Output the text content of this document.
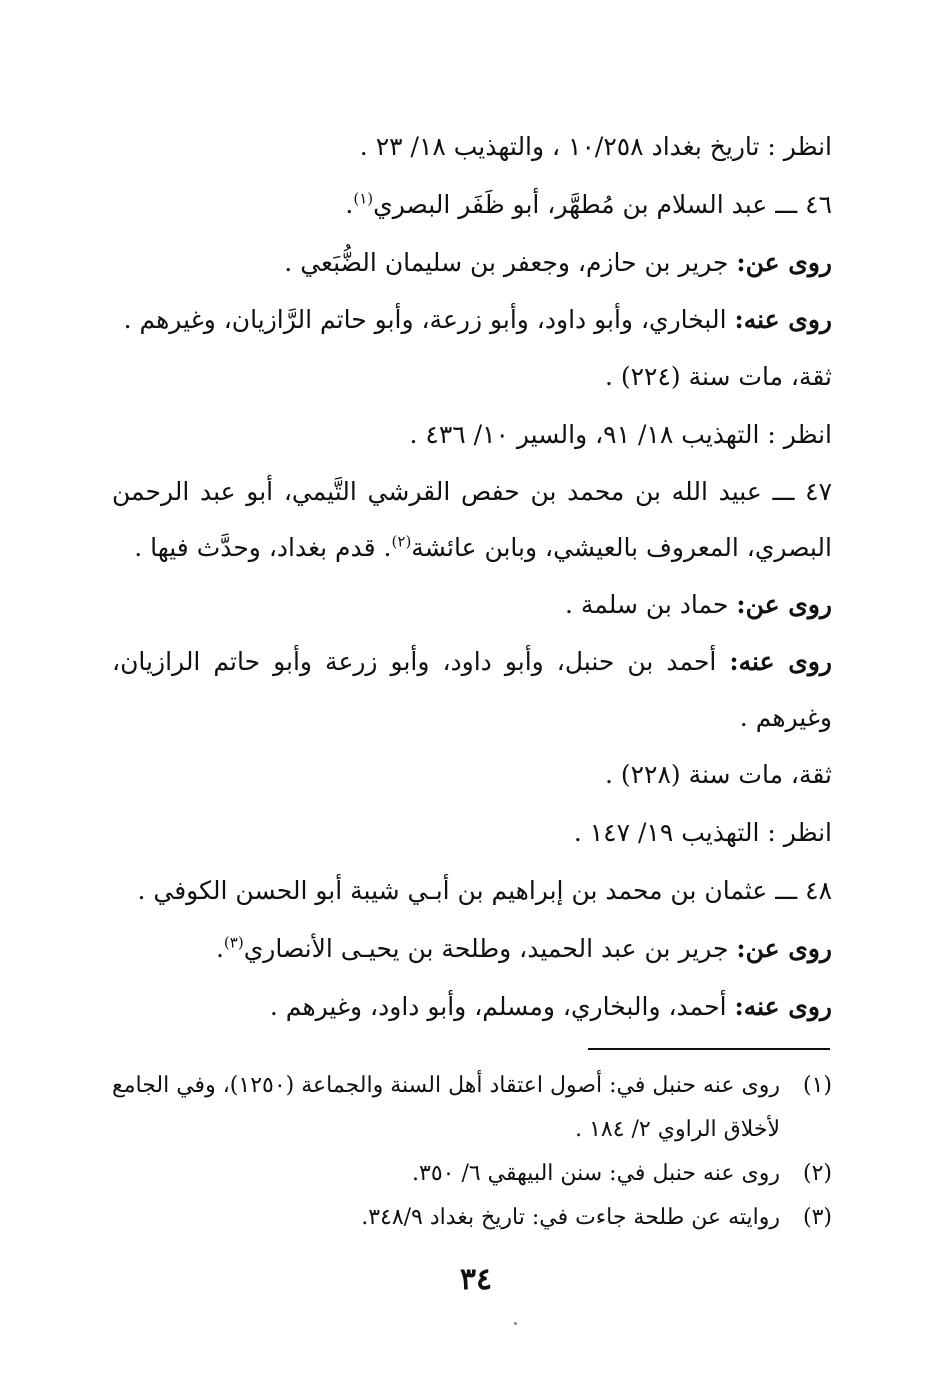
انظر : تاريخ بغداد ١٠/٢٥٨ ، والتهذيب ١٨/ ٢٣ .
٤٦ ـــ عبد السلام بن مُطهَّر، أبو ظَفَر البصري$^{(١)}$.
روى عن: جرير بن حازم، وجعفر بن سليمان الضُّبَعي .
روى عنه: البخاري، وأبو داود، وأبو زرعة، وأبو حاتم الرَّازيان، وغيرهم .
ثقة، مات سنة (٢٢٤) .
انظر : التهذيب ١٨/ ٩١، والسير ١٠/ ٤٣٦ .
٤٧ ـــ عبيد الله بن محمد بن حفص القرشي التَّيمي، أبو عبد الرحمن البصري، المعروف بالعيشي، وبابن عائشة$^{(٢)}$. قدم بغداد، وحدَّث فيها .
روى عن: حماد بن سلمة .
روى عنه: أحمد بن حنبل، وأبو داود، وأبو زرعة وأبو حاتم الرازيان، وغيرهم .
ثقة، مات سنة (٢٢٨) .
انظر : التهذيب ١٩/ ١٤٧ .
٤٨ ـــ عثمان بن محمد بن إبراهيم بن أبـي شيبة أبو الحسن الكوفي .
روى عن: جرير بن عبد الحميد، وطلحة بن يحيـى الأنصاري$^{(٣)}$.
روى عنه: أحمد، والبخاري، ومسلم، وأبو داود، وغيرهم .
(١)
روى عنه حنبل في: أصول اعتقاد أهل السنة والجماعة (١٢٥٠)، وفي الجامع لأخلاق الراوي ٢/ ١٨٤ .
(٢)
روى عنه حنبل في: سنن البيهقي ٦/ ٣٥٠.
(٣)
روايته عن طلحة جاءت في: تاريخ بغداد ٣٤٨/٩.
٣٤
